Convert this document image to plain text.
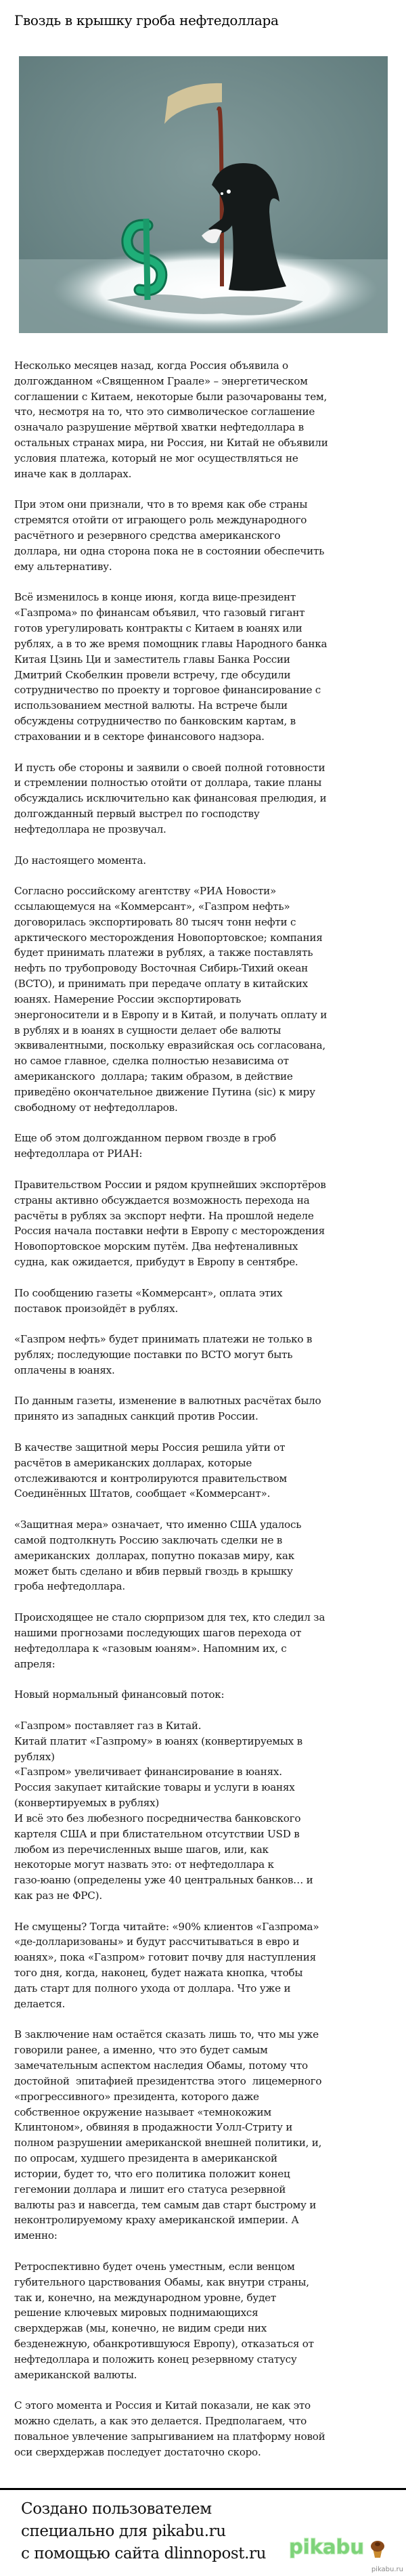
Гвоздь в крышку гроба нефтедоллара

Несколько месяцев назад, когда Россия объявила о
долгожданном «Священном Граале» – энергетическом
соглашении с Китаем, некоторые были разочарованы тем,
что, несмотря на то, что это символическое соглашение
означало разрушение мёртвой хватки нефтедоллара в
остальных странах мира, ни Россия, ни Китай не объявили
условия платежа, который не мог осуществляться не
иначе как в долларах.

При этом они признали, что в то время как обе страны
стремятся отойти от играющего роль международного
расчётного и резервного средства американского
доллара, ни одна сторона пока не в состоянии обеспечить
ему альтернативу.

Всё изменилось в конце июня, когда вице-президент
«Газпрома» по финансам объявил, что газовый гигант
готов урегулировать контракты с Китаем в юанях или
рублях, а в то же время помощник главы Народного банка
Китая Цзинь Ци и заместитель главы Банка России
Дмитрий Скобелкин провели встречу, где обсудили
сотрудничество по проекту и торговое финансирование с
использованием местной валюты. На встрече были
обсуждены сотрудничество по банковским картам, в
страховании и в секторе финансового надзора.

И пусть обе стороны и заявили о своей полной готовности
и стремлении полностью отойти от доллара, такие планы
обсуждались исключительно как финансовая прелюдия, и
долгожданный первый выстрел по господству
нефтедоллара не прозвучал.

До настоящего момента.

Согласно российскому агентству «РИА Новости»
ссылающемуся на «Коммерсант», «Газпром нефть»
договорилась экспортировать 80 тысяч тонн нефти с
арктического месторождения Новопортовское; компания
будет принимать платежи в рублях, а также поставлять
нефть по трубопроводу Восточная Сибирь-Тихий океан
(ВСТО), и принимать при передаче оплату в китайских
юанях. Намерение России экспортировать
энергоносители и в Европу и в Китай, и получать оплату и
в рублях и в юанях в сущности делает обе валюты
эквивалентными, поскольку евразийская ось согласована,
но самое главное, сделка полностью независима от
американского  доллара; таким образом, в действие
приведёно окончательное движение Путина (sic) к миру
свободному от нефтедолларов.

Еще об этом долгожданном первом гвозде в гроб
нефтедоллара от РИАН:

Правительством России и рядом крупнейших экспортёров
страны активно обсуждается возможность перехода на
расчёты в рублях за экспорт нефти. На прошлой неделе
Россия начала поставки нефти в Европу с месторождения
Новопортовское морским путём. Два нефтеналивных
судна, как ожидается, прибудут в Европу в сентябре.

По сообщению газеты «Коммерсант», оплата этих
поставок произойдёт в рублях.

«Газпром нефть» будет принимать платежи не только в
рублях; последующие поставки по ВСТО могут быть
оплачены в юанях.

По данным газеты, изменение в валютных расчётах было
принято из западных санкций против России.

В качестве защитной меры Россия решила уйти от
расчётов в американских долларах, которые
отслеживаются и контролируются правительством
Соединённых Штатов, сообщает «Коммерсант».

«Защитная мера» означает, что именно США удалось
самой подтолкнуть Россию заключать сделки не в
американских  долларах, попутно показав миру, как
может быть сделано и вбив первый гвоздь в крышку
гроба нефтедоллара.

Происходящее не стало сюрпризом для тех, кто следил за
нашими прогнозами последующих шагов перехода от
нефтедоллара к «газовым юаням». Напомним их, с
апреля:

Новый нормальный финансовый поток:

«Газпром» поставляет газ в Китай.
Китай платит «Газпрому» в юанях (конвертируемых в
рублях)
«Газпром» увеличивает финансирование в юанях.
Россия закупает китайские товары и услуги в юанях
(конвертируемых в рублях)
И всё это без любезного посредничества банковского
картеля США и при блистательном отсутствии USD в
любом из перечисленных выше шагов, или, как
некоторые могут назвать это: от нефтедоллара к
газо-юаню (определены уже 40 центральных банков… и
как раз не ФРС).

Не смущены? Тогда читайте: «90% клиентов «Газпрома»
«де-долларизованы» и будут рассчитываться в евро и
юанях», пока «Газпром» готовит почву для наступления
того дня, когда, наконец, будет нажата кнопка, чтобы
дать старт для полного ухода от доллара. Что уже и
делается.

В заключение нам остаётся сказать лишь то, что мы уже
говорили ранее, а именно, что это будет самым
замечательным аспектом наследия Обамы, потому что
достойной  эпитафией президентства этого  лицемерного
«прогрессивного» президента, которого даже
собственное окружение называет «темнокожим
Клинтоном», обвиняя в продажности Уолл-Стриту и
полном разрушении американской внешней политики, и,
по опросам, худшего президента в американской
истории, будет то, что его политика положит конец
гегемонии доллара и лишит его статуса резервной
валюты раз и навсегда, тем самым дав старт быстрому и
неконтролируемому краху американской империи. А
именно:

Ретроспективно будет очень уместным, если венцом
губительного царствования Обамы, как внутри страны,
так и, конечно, на международном уровне, будет
решение ключевых мировых поднимающихся
сверхдержав (мы, конечно, не видим среди них
безденежную, обанкротившуюся Европу), отказаться от
нефтедоллара и положить конец резервному статусу
американской валюты.

С этого момента и Россия и Китай показали, не как это
можно сделать, а как это делается. Предполагаем, что
повальное увлечение запрыгиванием на платформу новой
оси сверхдержав последует достаточно скоро.

Создано пользователем
специально для pikabu.ru
с помощью сайта dlinnopost.ru pikabu
pikabu.ru
